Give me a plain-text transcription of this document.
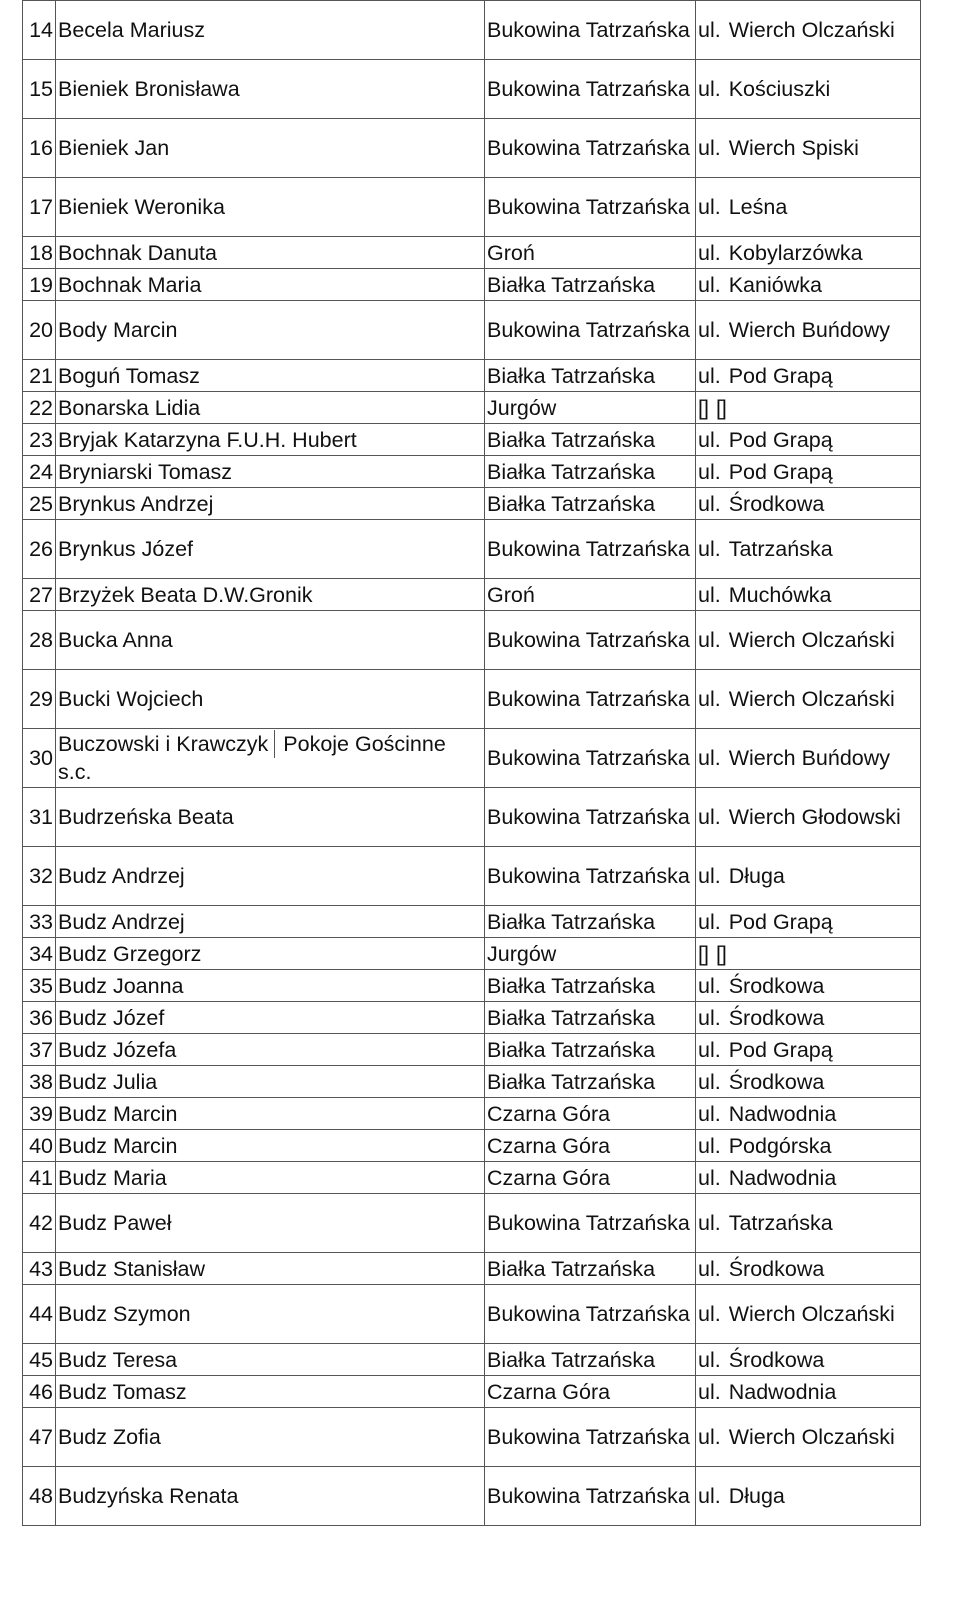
14	Becela Mariusz	Bukowina Tatrzańska	ul. Wierch Olczański

15	Bieniek Bronisława	Bukowina Tatrzańska	ul. Kościuszki

16	Bieniek Jan	Bukowina Tatrzańska	ul. Wierch Spiski

17	Bieniek Weronika	Bukowina Tatrzańska	ul. Leśna

18	Bochnak Danuta	Groń	ul. Kobylarzówka

19	Bochnak Maria	Białka Tatrzańska	ul. Kaniówka

20	Body Marcin	Bukowina Tatrzańska	ul. Wierch Buńdowy

21	Boguń Tomasz	Białka Tatrzańska	ul. Pod Grapą

22	Bonarska Lidia	Jurgów	[] []

23	Bryjak Katarzyna F.U.H. Hubert	Białka Tatrzańska	ul. Pod Grapą

24	Bryniarski Tomasz	Białka Tatrzańska	ul. Pod Grapą

25	Brynkus Andrzej	Białka Tatrzańska	ul. Środkowa

26	Brynkus Józef	Bukowina Tatrzańska	ul. Tatrzańska

27	Brzyżek Beata D.W.Gronik	Groń	ul. Muchówka

28	Bucka Anna	Bukowina Tatrzańska	ul. Wierch Olczański

29	Bucki Wojciech	Bukowina Tatrzańska	ul. Wierch Olczański

30	Buczowski i Krawczyk Pokoje Gościnne
s.c.	Bukowina Tatrzańska	ul. Wierch Buńdowy

31	Budrzeńska Beata	Bukowina Tatrzańska	ul. Wierch Głodowski

32	Budz Andrzej	Bukowina Tatrzańska	ul. Długa

33	Budz Andrzej	Białka Tatrzańska	ul. Pod Grapą

34	Budz Grzegorz	Jurgów	[] []

35	Budz Joanna	Białka Tatrzańska	ul. Środkowa

36	Budz Józef	Białka Tatrzańska	ul. Środkowa

37	Budz Józefa	Białka Tatrzańska	ul. Pod Grapą

38	Budz Julia	Białka Tatrzańska	ul. Środkowa

39	Budz Marcin	Czarna Góra	ul. Nadwodnia

40	Budz Marcin	Czarna Góra	ul. Podgórska

41	Budz Maria	Czarna Góra	ul. Nadwodnia

42	Budz Paweł	Bukowina Tatrzańska	ul. Tatrzańska

43	Budz Stanisław	Białka Tatrzańska	ul. Środkowa

44	Budz Szymon	Bukowina Tatrzańska	ul. Wierch Olczański

45	Budz Teresa	Białka Tatrzańska	ul. Środkowa

46	Budz Tomasz	Czarna Góra	ul. Nadwodnia

47	Budz Zofia	Bukowina Tatrzańska	ul. Wierch Olczański

48	Budzyńska Renata	Bukowina Tatrzańska	ul. Długa
